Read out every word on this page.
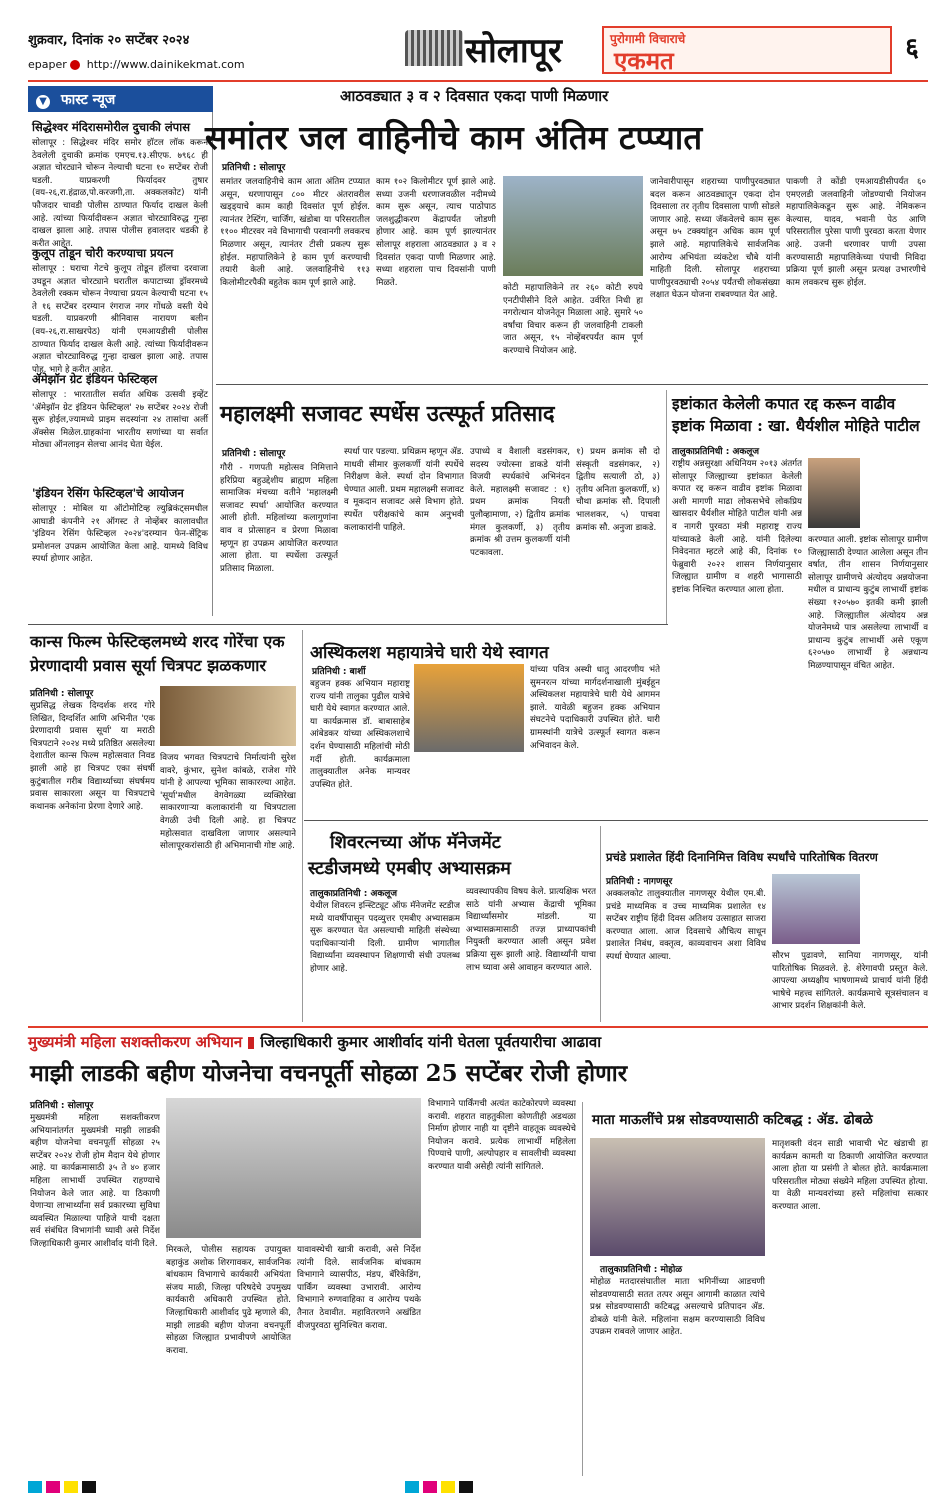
शुक्रवार, दिनांक २० सप्टेंबर २०२४
epaper http://www.dainikekmat.com	सोलापूर	पुरोगामी विचाराचे
एकमत	६
▼ फास्ट न्यूज
सिद्धेश्वर मंदिरासमोरील दुचाकी लंपास

सोलापूर : सिद्धेश्वर मंदिर समोर हॉटल लॉक करून ठेवलेली दुचाकी क्रमांक एमएच.१३.सीएफ. ७९६८ ही अज्ञात चोरट्याने चोरून नेल्याची घटना १० सप्टेंबर रोजी घडली. याप्रकरणी फिर्यादवर तुषार (वय-२६,रा.हंद्राळ,पो.करजगी,ता. अक्कलकोट) यांनी फौजदार चावडी पोलीस ठाण्यात फिर्याद दाखल केली आहे. त्यांच्या फिर्यादीवरून अज्ञात चोरट्याविरुद्ध गुन्हा दाखल झाला आहे. तपास पोलीस हवालदार धडकी हे करीत आहेत.

कुलूप तोडून चोरी करण्याचा प्रयत्न

सोलापूर : घराचा गेटचे कुलूप तोडून हॉलचा दरवाजा उघडून अज्ञात चोरट्याने घरातील कपाटाच्या ड्रॉवरमध्ये ठेवलेली रक्कम चोरून नेण्याचा प्रयत्न केल्याची घटना १५ ते १६ सप्टेंबर दरम्यान रंगराज नगर गोंधळे वस्ती येथे घडली. याप्रकरणी श्रीनिवास नारायण बलीन (वय-२६,रा.साखरपेठ) यांनी एमआयडीसी पोलीस ठाण्यात फिर्याद दाखल केली आहे. त्यांच्या फिर्यादीवरून अज्ञात चोरट्याविरुद्ध गुन्हा दाखल झाला आहे. तपास पोह. भागे हे करीत आहेत.

ॲमेझॉन ग्रेट इंडियन फेस्टिव्हल

सोलापूर : भारतातील सर्वात अधिक उत्सवी इव्हेंट 'ॲमेझॉन ग्रेट इंडियन फेस्टिव्हल' २७ सप्टेंबर २०२४ रोजी सुरू होईल,ज्यामध्ये प्राइम सदस्यांना २४ तासांचा अर्ली ॲक्सेस मिळेल.ग्राहकांना भारतीय सणांच्या या सर्वात मोठ्या ऑनलाइन सेलचा आनंद घेता येईल.

'इंडियन रेसिंग फेस्टिव्हल'चे आयोजन

सोलापूर : मोबिल या ऑटोमोटिव्ह ल्युब्रिकंट्समधील आघाडी कंपनीने २१ ऑगस्ट ते नोव्हेंबर कालावधीत 'इंडियन रेसिंग फेस्टिव्हल २०२४'दरम्यान फेन-सेंट्रिक प्रमोशनल उपक्रम आयोजित केला आहे. यामध्ये विविध स्पर्धा होणार आहेत.

आठवड्यात ३ व २ दिवसात एकदा पाणी मिळणार
समांतर जल वाहिनीचे काम अंतिम टप्प्यात
प्रतिनिधी : सोलापूर
समांतर जलवाहिनीचे काम आता अंतिम टप्प्यात असून, धरणापासून ८०० मीटर अंतरावरील खड्ड्याचे काम काही दिवसांत पूर्ण होईल. त्यानंतर टेस्टिंग, चार्जिंग, खंडोबा या परिसरातील ११०० मीटरवर नवे विभागाची परवानगी लवकरच मिळणार असून, त्यानंतर टीसी प्रकल्प सुरू होईल. महापालिकेने हे काम पूर्ण करण्याची तयारी केली आहे. जलवाहिनीचे ११३ किलोमीटरपैकी बहुतेक काम पूर्ण झाले आहे.
काम १०२ किलोमीटर पूर्ण झाले आहे. सध्या उजनी धरणाजवळील नदीमध्ये काम सुरू असून, त्याच पाठोपाठ जलशुद्धीकरण केंद्रापर्यंत जोडणी होणार आहे. काम पूर्ण झाल्यानंतर सोलापूर शहराला आठवड्यात ३ व २ दिवसांत एकदा पाणी मिळणार आहे. सध्या शहराला पाच दिवसांनी पाणी मिळते.
कोटी महापालिकेने तर २६० कोटी रुपये एनटीपीसीने दिले आहेत. उर्वरित निधी हा नगरोत्थान योजनेतून मिळाला आहे. सुमारे ५० वर्षांचा विचार करून ही जलवाहिनी टाकली जात असून, १५ नोव्हेंबरपर्यंत काम पूर्ण करण्याचे नियोजन आहे.
जानेवारीपासून शहराच्या पाणीपुरवठ्यात बदल करून आठवड्यातून एकदा दोन दिवसाला तर तृतीय दिवसाला पाणी सोडले जाणार आहे. सध्या जॅकवेलचे काम सुरू असून ७५ टक्क्यांहून अधिक काम पूर्ण झाले आहे. महापालिकेचे सार्वजनिक आरोग्य अभियंता व्यंकटेश चौबे यांनी माहिती दिली. सोलापूर शहराच्या पाणीपुरवठ्याची २०५४ पर्यंतची लोकसंख्या लक्षात घेऊन योजना राबवण्यात येत आहे.
पाकणी ते कोंडी एमआयडीसीपर्यंत ६० एमएलडी जलवाहिनी जोडण्याची नियोजन महापालिकेकडून सुरू आहे. नेमिकरून केल्यास, यादव, भवानी पेठ आणि परिसरातील पुरेसा पाणी पुरवठा करता येणार आहे. उजनी धरणावर पाणी उपसा करण्यासाठी महापालिकेच्या पंपाची निविदा प्रक्रिया पूर्ण झाली असून प्रत्यक्ष उभारणीचे काम लवकरच सुरू होईल.
महालक्ष्मी सजावट स्पर्धेस उत्स्फूर्त प्रतिसाद
प्रतिनिधी : सोलापूर
गौरी - गणपती महोत्सव निमित्ताने हरिप्रिया बहुउद्देशीय ब्राह्मण महिला सामाजिक मंचच्या वतीने 'महालक्ष्मी सजावट स्पर्धा' आयोजित करण्यात आली होती. महिलांच्या कलागुणांना वाव व प्रोत्साहन व प्रेरणा मिळावा म्हणून हा उपक्रम आयोजित करण्यात आला होता. या स्पर्धेला उत्स्फूर्त प्रतिसाद मिळाला.
स्पर्धा पार पडल्या. प्रथिक्रम म्हणून ॲड. माधवी सीमार कुलकर्णी यांनी स्पर्धेचे निरीक्षण केले. स्पर्धा दोन विभागात घेण्यात आली. प्रथम महालक्ष्मी सजावट व मूकदान सजावट असे विभाग होते. स्पर्धेत परीक्षकांचे काम अनुभवी कलाकारांनी पाहिले.
उपाध्ये व वैशाली वडसंगकर, सदस्य ज्योत्स्ना डाकडे यांनी विजयी स्पर्धकांचे अभिनंदन केले. महालक्ष्मी सजावट : १) प्रथम क्रमांक नियती पुलौव्हामाणा, २) द्वितीय क्रमांक मंगल कुलकर्णी, ३) तृतीय क्रमांक श्री उत्तम कुलकर्णी यांनी पटकावला.
१) प्रथम क्रमांक सौ दो संस्कृती वडसंगकर, २) द्वितीय सत्याली ठो, ३) तृतीय अनिता कुलकर्णी, ४) चौथा क्रमांक सौ. दिपाली भालशकर, ५) पाचवा क्रमांक सौ. अनुजा डाकडे.
इष्टांकात केलेली कपात रद्द करून वाढीव
इष्टांक मिळावा : खा. धैर्यशील मोहिते पाटील
तालुकाप्रतिनिधी : अकलूज
राष्ट्रीय अन्नसुरक्षा अधिनियम २०१३ अंतर्गत सोलापूर जिल्ह्याच्या इष्टांकात केलेली कपात रद्द करून वाढीव इष्टांक मिळावा अशी मागणी माढा लोकसभेचे लोकप्रिय खासदार धैर्यशील मोहिते पाटील यांनी अन्न व नागरी पुरवठा मंत्री महाराष्ट्र राज्य यांच्याकडे केली आहे. यांनी दिलेल्या निवेदनात म्हटले आहे की, दिनांक १० फेब्रुवारी २०२२ शासन निर्णयानुसार जिल्ह्यात ग्रामीण व शहरी भागासाठी इष्टांक निश्चित करण्यात आला होता.
करण्यात आली. इष्टांक सोलापूर ग्रामीण जिल्ह्यासाठी देण्यात आलेला असून तीन वर्षात, तीन शासन निर्णयानुसार सोलापूर ग्रामीणचे अंत्योदय अन्नयोजना मधील व प्राधान्य कुटुंब लाभार्थी इष्टांक संख्या १२०५७० इतकी कमी झाली आहे. जिल्ह्यातील अंत्योदय अन्न योजनेमध्ये पात्र असलेल्या लाभार्थी व प्राधान्य कुटुंब लाभार्थी असे एकूण ६२०५७० लाभार्थी हे अन्नधान्य मिळण्यापासून वंचित आहेत.
कान्स फिल्म फेस्टिव्हलमध्ये शरद गोरेंचा एक
प्रेरणादायी प्रवास सूर्या चित्रपट झळकणार
प्रतिनिधी : सोलापूर
सुप्रसिद्ध लेखक दिग्दर्शक शरद गोरे लिखित, दिग्दर्शित आणि अभिनीत 'एक प्रेरणादायी प्रवास सूर्या' या मराठी चित्रपटाने २०२४ मध्ये प्रतिष्ठित असलेल्या देशातील कान्स फिल्म महोत्सवात निवड झाली आहे हा चित्रपट एका संघर्षी कुटुंबातील गरीब विद्यार्थ्याच्या संघर्षमय प्रवास साकारला असून या चित्रपटाचे कथानक अनेकांना प्रेरणा देणारे आहे.
विजय भगवत चित्रपटाचे निर्मात्यांनी सुरेश वावरे, कुंभार, सुनेश कांबळे, राजेश गोरे यांनी हे आपल्या भूमिका साकारल्या आहेत. 'सूर्या'मधील वेगवेगळ्या व्यक्तिरेखा साकारणाऱ्या कलाकारांनी या चित्रपटाला वेगळी उंची दिली आहे. हा चित्रपट महोत्सवात दाखविला जाणार असल्याने सोलापूरकरांसाठी ही अभिमानाची गोष्ट आहे.
अस्थिकलश महायात्रेचे घारी येथे स्वागत
प्रतिनिधी : बार्शी
बहुजन हक्क अभियान महाराष्ट्र राज्य यांनी तालुका पुढील यात्रेचे घारी येथे स्वागत करण्यात आले. या कार्यक्रमास डॉ. बाबासाहेब आंबेडकर यांच्या अस्थिकलशाचे दर्शन घेण्यासाठी महिलांची मोठी गर्दी होती. कार्यक्रमाला तालुक्यातील अनेक मान्यवर उपस्थित होते.
यांच्या पवित्र अस्थी धातु आदरणीय भंते सुमनरत्न यांच्या मार्गदर्शनाखाली मुंबईहून अस्थिकलश महायात्रेचे घारी येथे आगमन झाले. यावेळी बहुजन हक्क अभियान संघटनेचे पदाधिकारी उपस्थित होते. घारी ग्रामस्थांनी यात्रेचे उत्स्फूर्त स्वागत करून अभिवादन केले.
शिवरत्नच्या ऑफ मॅनेजमेंट
स्टडीजमध्ये एमबीए अभ्यासक्रम
तालुकाप्रतिनिधी : अकलूज
येथील शिवरत्न इन्स्टिट्यूट ऑफ मॅनेजमेंट स्टडीज मध्ये यावर्षीपासून पदव्युत्तर एमबीए अभ्यासक्रम सुरू करण्यात येत असल्याची माहिती संस्थेच्या पदाधिकाऱ्यांनी दिली. ग्रामीण भागातील विद्यार्थ्यांना व्यवस्थापन शिक्षणाची संधी उपलब्ध होणार आहे.
व्यवस्थापकीय विषय केले. प्रात्यक्षिक भरत साठे यांनी अभ्यास केंद्राची भूमिका विद्यार्थ्यांसमोर मांडली. या अभ्यासक्रमासाठी तज्ज्ञ प्राध्यापकांची नियुक्ती करण्यात आली असून प्रवेश प्रक्रिया सुरू झाली आहे. विद्यार्थ्यांनी याचा लाभ घ्यावा असे आवाहन करण्यात आले.
प्रचंडे प्रशालेत हिंदी दिनानिमित्त विविध स्पर्धांचे पारितोषिक वितरण
प्रतिनिधी : नागणसूर
अक्कलकोट तालुक्यातील नागणसूर येथील एम.बी. प्रचंडे माध्यमिक व उच्च माध्यमिक प्रशालेत १४ सप्टेंबर राष्ट्रीय हिंदी दिवस अतिशय उत्साहात साजरा करण्यात आला. आज दिवसाचे औचित्य साधून प्रशालेत निबंध, वक्तृत्व, काव्यवाचन अशा विविध स्पर्धा घेण्यात आल्या.	सौरभ पुढावणे, सानिया नागणसूर, यांनी पारितोषिक मिळवले. हे. शेरेगावपी प्रस्तुत केले. आपल्या अध्यक्षीय भाषणामध्ये प्राचार्य यांनी हिंदी भाषेचे महत्त्व सांगितले. कार्यक्रमाचे सूत्रसंचालन व आभार प्रदर्शन शिक्षकांनी केले.
मुख्यमंत्री महिला सशक्तीकरण अभियान जिल्हाधिकारी कुमार आशीर्वाद यांनी घेतला पूर्वतयारीचा आढावा
माझी लाडकी बहीण योजनेचा वचनपूर्ती सोहळा 25 सप्टेंबर रोजी होणार
प्रतिनिधी : सोलापूर
मुख्यमंत्री महिला सशक्तीकरण अभियानांतर्गत मुख्यमंत्री माझी लाडकी बहीण योजनेचा वचनपूर्ती सोहळा २५ सप्टेंबर २०२४ रोजी होम मैदान येथे होणार आहे. या कार्यक्रमासाठी ३५ ते ४० हजार महिला लाभार्थी उपस्थित राहण्याचे नियोजन केले जात आहे. या ठिकाणी येणाऱ्या लाभार्थ्यांना सर्व प्रकारच्या सुविधा व्यवस्थित मिळाल्या पाहिजे याची दक्षता सर्व संबंधित विभागांनी घ्यावी असे निर्देश जिल्हाधिकारी कुमार आशीर्वाद यांनी दिले.
मिरकले, पोलीस सहायक उपायुक्त बहाकुंड अशोक शिरगावकर, सार्वजनिक बांधकाम विभागाचे कार्यकारी अभियंता संजय माळी, जिल्हा परिषदेचे उपमुख्य कार्यकारी अधिकारी उपस्थित होते. जिल्हाधिकारी आशीर्वाद पुढे म्हणाले की, माझी लाडकी बहीण योजना वचनपूर्ती सोहळा जिल्ह्यात प्रभावीपणे आयोजित करावा.
यावावस्थेची खात्री करावी, असे निर्देश त्यांनी दिले. सार्वजनिक बांधकाम विभागाने व्यासपीठ, मंडप, बॅरिकेडिंग, पार्किंग व्यवस्था उभारावी. आरोग्य विभागाने रुग्णवाहिका व आरोग्य पथके तैनात ठेवावीत. महावितरणने अखंडित वीजपुरवठा सुनिश्चित करावा.
विभागाने पार्किंगची अत्यंत काटेकोरपणे व्यवस्था करावी. शहरात वाहतुकीला कोणतीही अडथळा निर्माण होणार नाही या दृष्टीने वाहतूक व्यवस्थेचे नियोजन करावे. प्रत्येक लाभार्थी महिलेला पिण्याचे पाणी, अल्पोपहार व सावलीची व्यवस्था करण्यात यावी असेही त्यांनी सांगितले.
माता माऊलींचे प्रश्न सोडवण्यासाठी कटिबद्ध : ॲड. ढोबळे
तालुकाप्रतिनिधी : मोहोळ
मोहोळ मतदारसंघातील माता भगिनींच्या आडचणी सोडवण्यासाठी सतत तत्पर असून आगामी काळात त्यांचे प्रश्न सोडवण्यासाठी कटिबद्ध असल्याचे प्रतिपादन ॲड. ढोबळे यांनी केले. महिलांना सक्षम करण्यासाठी विविध उपक्रम राबवले जाणार आहेत.
मातृशक्ती वंदन साडी भावाची भेट खंडाची हा कार्यक्रम कामती या ठिकाणी आयोजित करण्यात आला होता या प्रसंगी ते बोलत होते. कार्यक्रमाला परिसरातील मोठ्या संख्येने महिला उपस्थित होत्या. या वेळी मान्यवरांच्या हस्ते महिलांचा सत्कार करण्यात आला.
